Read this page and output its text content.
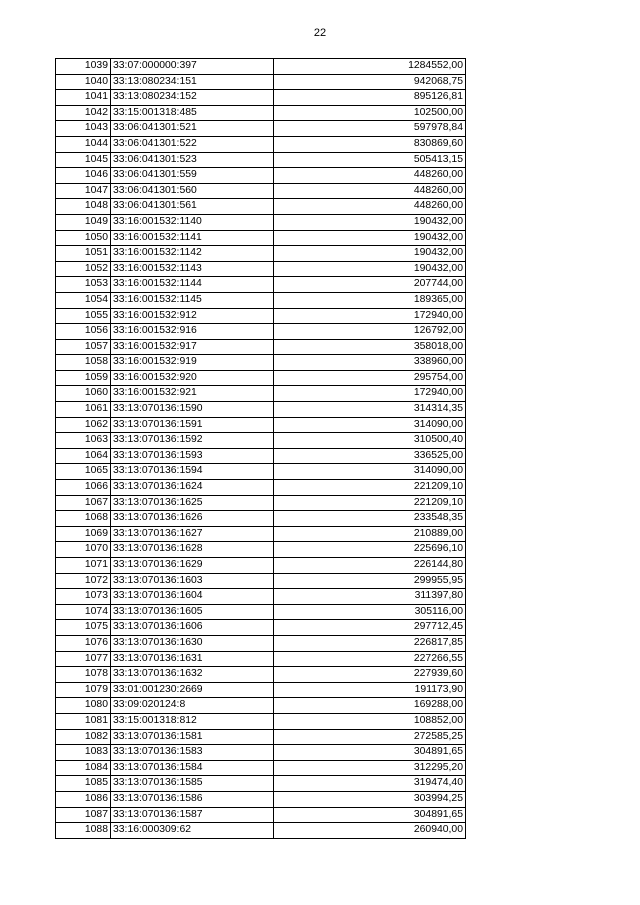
22
1039	33:07:000000:397	1284552,00
1040	33:13:080234:151	942068,75
1041	33:13:080234:152	895126,81
1042	33:15:001318:485	102500,00
1043	33:06:041301:521	597978,84
1044	33:06:041301:522	830869,60
1045	33:06:041301:523	505413,15
1046	33:06:041301:559	448260,00
1047	33:06:041301:560	448260,00
1048	33:06:041301:561	448260,00
1049	33:16:001532:1140	190432,00
1050	33:16:001532:1141	190432,00
1051	33:16:001532:1142	190432,00
1052	33:16:001532:1143	190432,00
1053	33:16:001532:1144	207744,00
1054	33:16:001532:1145	189365,00
1055	33:16:001532:912	172940,00
1056	33:16:001532:916	126792,00
1057	33:16:001532:917	358018,00
1058	33:16:001532:919	338960,00
1059	33:16:001532:920	295754,00
1060	33:16:001532:921	172940,00
1061	33:13:070136:1590	314314,35
1062	33:13:070136:1591	314090,00
1063	33:13:070136:1592	310500,40
1064	33:13:070136:1593	336525,00
1065	33:13:070136:1594	314090,00
1066	33:13:070136:1624	221209,10
1067	33:13:070136:1625	221209,10
1068	33:13:070136:1626	233548,35
1069	33:13:070136:1627	210889,00
1070	33:13:070136:1628	225696,10
1071	33:13:070136:1629	226144,80
1072	33:13:070136:1603	299955,95
1073	33:13:070136:1604	311397,80
1074	33:13:070136:1605	305116,00
1075	33:13:070136:1606	297712,45
1076	33:13:070136:1630	226817,85
1077	33:13:070136:1631	227266,55
1078	33:13:070136:1632	227939,60
1079	33:01:001230:2669	191173,90
1080	33:09:020124:8	169288,00
1081	33:15:001318:812	108852,00
1082	33:13:070136:1581	272585,25
1083	33:13:070136:1583	304891,65
1084	33:13:070136:1584	312295,20
1085	33:13:070136:1585	319474,40
1086	33:13:070136:1586	303994,25
1087	33:13:070136:1587	304891,65
1088	33:16:000309:62	260940,00
